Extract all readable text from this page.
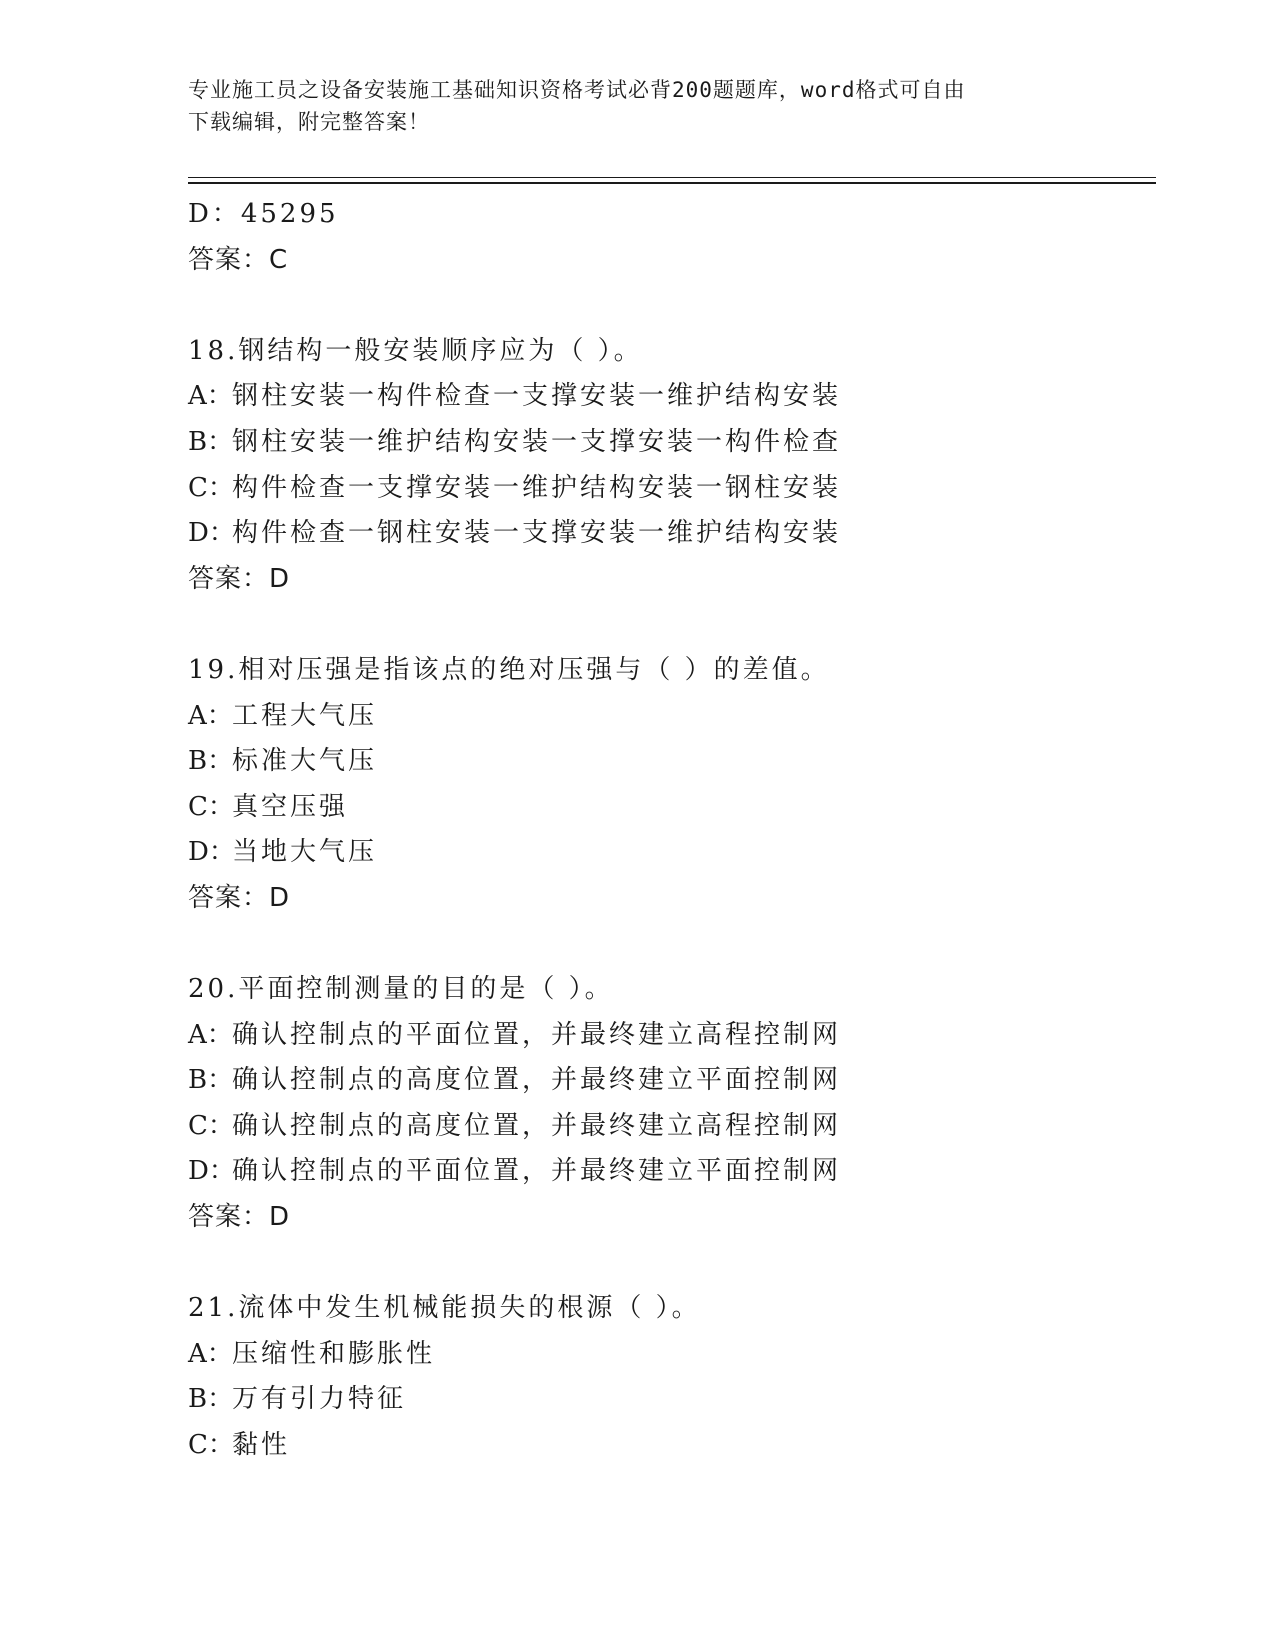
专业施工员之设备安装施工基础知识资格考试必背200题题库，word格式可自由
下载编辑，附完整答案！
D：45295
答案：C
18.钢结构一般安装顺序应为（ ）。
A：钢柱安装一构件检查一支撑安装一维护结构安装
B：钢柱安装一维护结构安装一支撑安装一构件检查
C：构件检查一支撑安装一维护结构安装一钢柱安装
D：构件检查一钢柱安装一支撑安装一维护结构安装
答案：D
19.相对压强是指该点的绝对压强与（ ）的差值。
A：工程大气压
B：标准大气压
C：真空压强
D：当地大气压
答案：D
20.平面控制测量的目的是（ ）。
A：确认控制点的平面位置，并最终建立高程控制网
B：确认控制点的高度位置，并最终建立平面控制网
C：确认控制点的高度位置，并最终建立高程控制网
D：确认控制点的平面位置，并最终建立平面控制网
答案：D
21.流体中发生机械能损失的根源（ ）。
A：压缩性和膨胀性
B：万有引力特征
C：黏性
